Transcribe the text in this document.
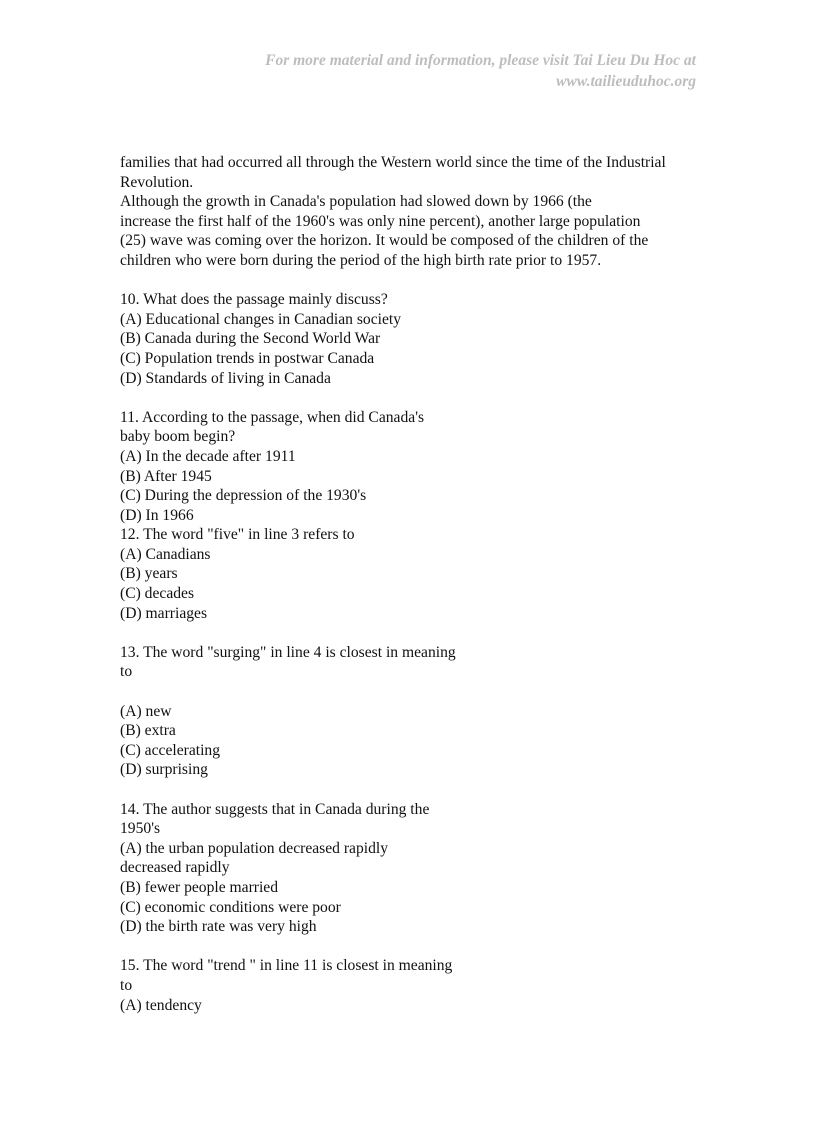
For more material and information, please visit Tai Lieu Du Hoc at
www.tailieuduhoc.org
families that had occurred all through the Western world since the time of the Industrial
Revolution.
Although the growth in Canada's population had slowed down by 1966 (the
increase the first half of the 1960's was only nine percent), another large population
(25) wave was coming over the horizon. It would be composed of the children of the
children who were born during the period of the high birth rate prior to 1957.
10. What does the passage mainly discuss?
(A) Educational changes in Canadian society
(B) Canada during the Second World War
(C) Population trends in postwar Canada
(D) Standards of living in Canada
11. According to the passage, when did Canada's
baby boom begin?
(A) In the decade after 1911
(B) After 1945
(C) During the depression of the 1930's
(D) In 1966
12. The word "five" in line 3 refers to
(A) Canadians
(B) years
(C) decades
(D) marriages
13. The word "surging" in line 4 is closest in meaning
to
(A) new
(B) extra
(C) accelerating
(D) surprising
14. The author suggests that in Canada during the
1950's
(A) the urban population decreased rapidly
decreased rapidly
(B) fewer people married
(C) economic conditions were poor
(D) the birth rate was very high
15. The word "trend " in line 11 is closest in meaning
to
(A) tendency
